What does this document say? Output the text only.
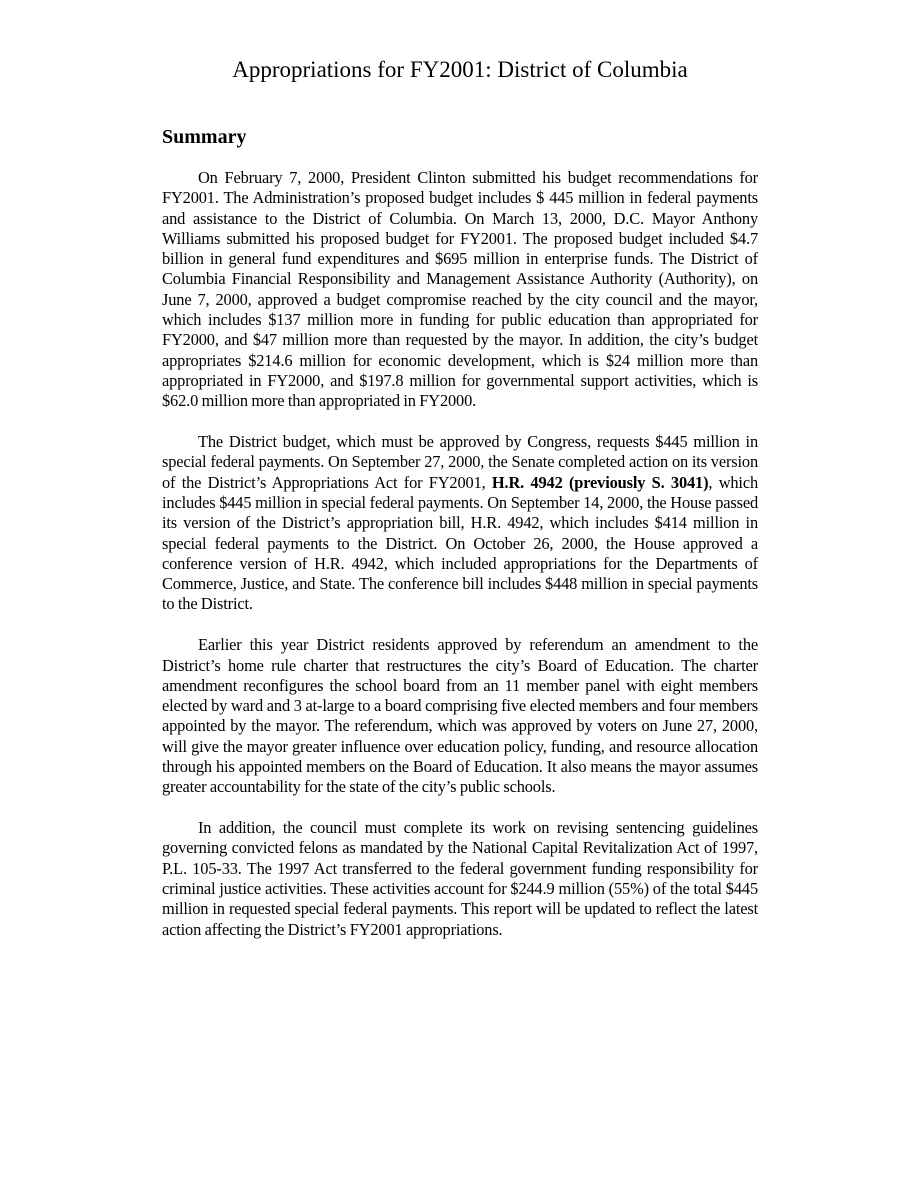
Appropriations for FY2001: District of Columbia
Summary

On February 7, 2000, President Clinton submitted his budget recommendations for FY2001. The Administration’s proposed budget includes $ 445 million in federal payments and assistance to the District of Columbia. On March 13, 2000, D.C. Mayor Anthony Williams submitted his proposed budget for FY2001. The proposed budget included $4.7 billion in general fund expenditures and $695 million in enterprise funds. The District of Columbia Financial Responsibility and Management Assistance Authority (Authority), on June 7, 2000, approved a budget compromise reached by the city council and the mayor, which includes $137 million more in funding for public education than appropriated for FY2000, and $47 million more than requested by the mayor. In addition, the city’s budget appropriates $214.6 million for economic development, which is $24 million more than appropriated in FY2000, and $197.8 million for governmental support activities, which is $62.0 million more than appropriated in FY2000.

The District budget, which must be approved by Congress, requests $445 million in special federal payments. On September 27, 2000, the Senate completed action on its version of the District’s Appropriations Act for FY2001, H.R. 4942 (previously S. 3041), which includes $445 million in special federal payments. On September 14, 2000, the House passed its version of the District’s appropriation bill, H.R. 4942, which includes $414 million in special federal payments to the District. On October 26, 2000, the House approved a conference version of H.R. 4942, which included appropriations for the Departments of Commerce, Justice, and State. The conference bill includes $448 million in special payments to the District.

Earlier this year District residents approved by referendum an amendment to the District’s home rule charter that restructures the city’s Board of Education. The charter amendment reconfigures the school board from an 11 member panel with eight members elected by ward and 3 at-large to a board comprising five elected members and four members appointed by the mayor. The referendum, which was approved by voters on June 27, 2000, will give the mayor greater influence over education policy, funding, and resource allocation through his appointed members on the Board of Education. It also means the mayor assumes greater accountability for the state of the city’s public schools.

In addition, the council must complete its work on revising sentencing guidelines governing convicted felons as mandated by the National Capital Revitalization Act of 1997, P.L. 105-33. The 1997 Act transferred to the federal government funding responsibility for criminal justice activities. These activities account for $244.9 million (55%) of the total $445 million in requested special federal payments. This report will be updated to reflect the latest action affecting the District’s FY2001 appropriations.
